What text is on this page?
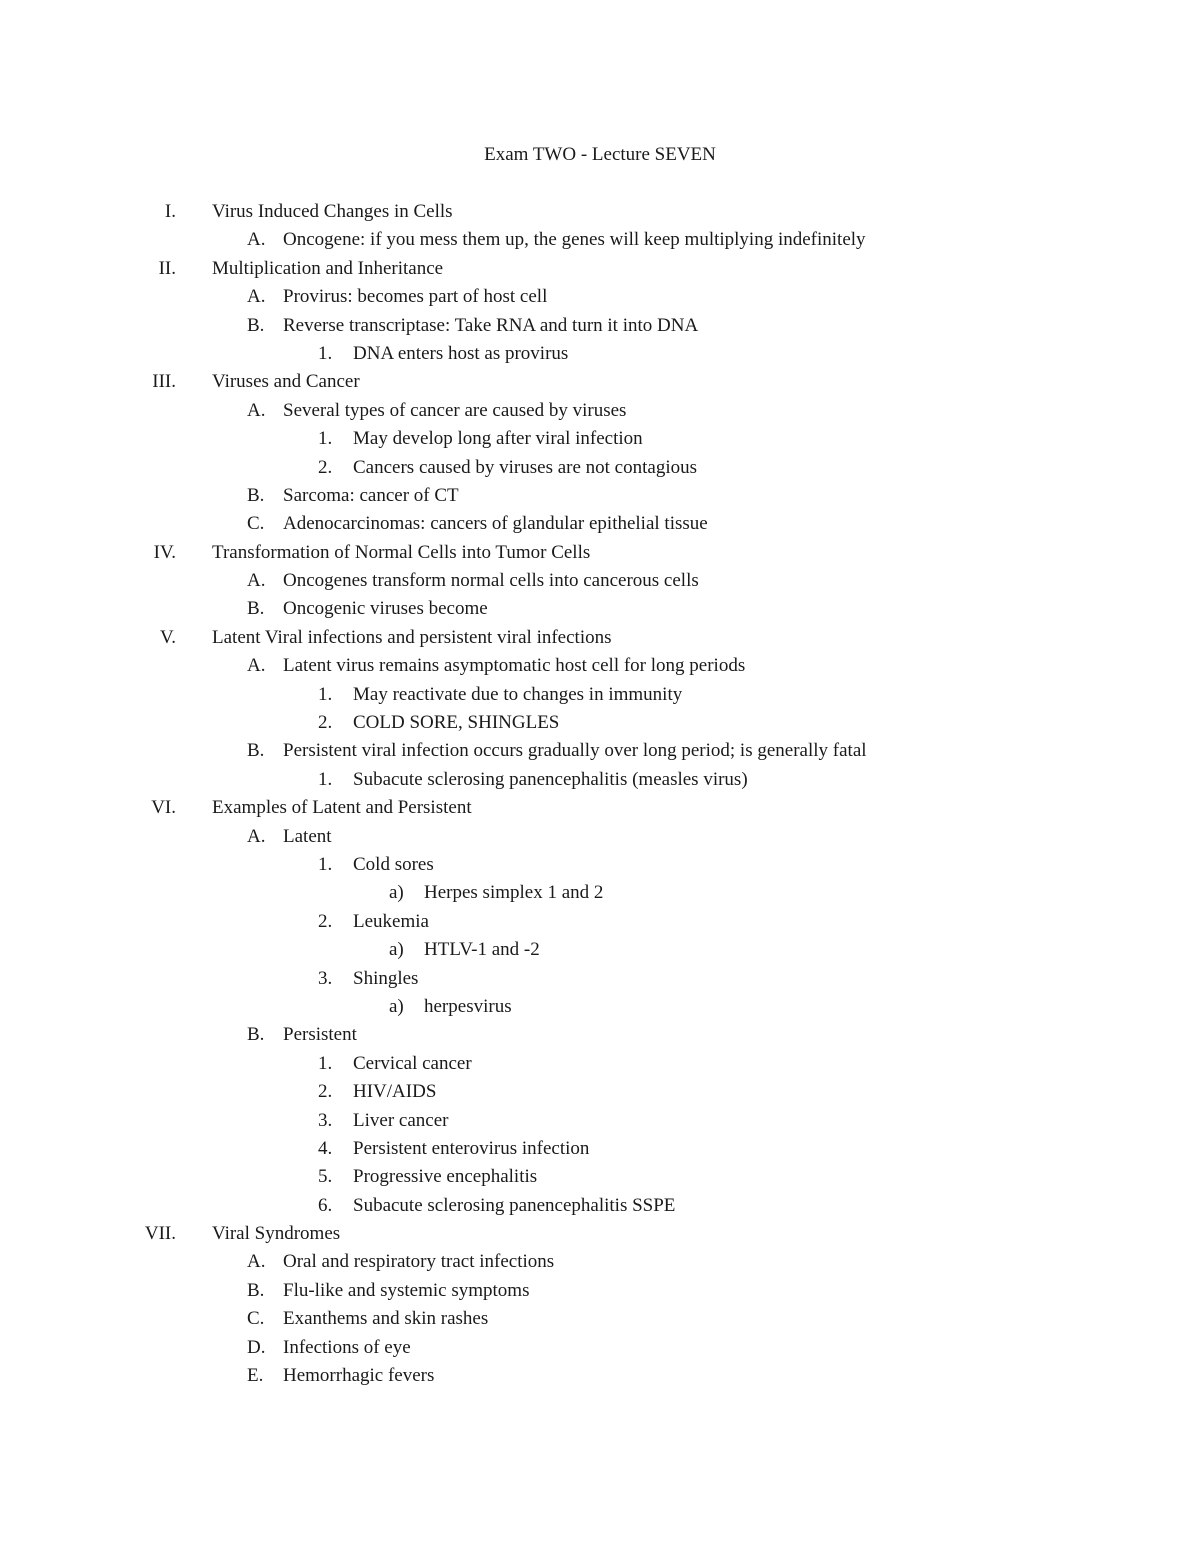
Exam TWO - Lecture SEVEN
I. Virus Induced Changes in Cells
A. Oncogene: if you mess them up, the genes will keep multiplying indefinitely
II. Multiplication and Inheritance
A. Provirus: becomes part of host cell
B. Reverse transcriptase: Take RNA and turn it into DNA
1. DNA enters host as provirus
III. Viruses and Cancer
A. Several types of cancer are caused by viruses
1. May develop long after viral infection
2. Cancers caused by viruses are not contagious
B. Sarcoma: cancer of CT
C. Adenocarcinomas: cancers of glandular epithelial tissue
IV. Transformation of Normal Cells into Tumor Cells
A. Oncogenes transform normal cells into cancerous cells
B. Oncogenic viruses become
V. Latent Viral infections and persistent viral infections
A. Latent virus remains asymptomatic host cell for long periods
1. May reactivate due to changes in immunity
2. COLD SORE, SHINGLES
B. Persistent viral infection occurs gradually over long period; is generally fatal
1. Subacute sclerosing panencephalitis (measles virus)
VI. Examples of Latent and Persistent
A. Latent
1. Cold sores
a) Herpes simplex 1 and 2
2. Leukemia
a) HTLV-1 and -2
3. Shingles
a) herpesvirus
B. Persistent
1. Cervical cancer
2. HIV/AIDS
3. Liver cancer
4. Persistent enterovirus infection
5. Progressive encephalitis
6. Subacute sclerosing panencephalitis SSPE
VII. Viral Syndromes
A. Oral and respiratory tract infections
B. Flu-like and systemic symptoms
C. Exanthems and skin rashes
D. Infections of eye
E. Hemorrhagic fevers
